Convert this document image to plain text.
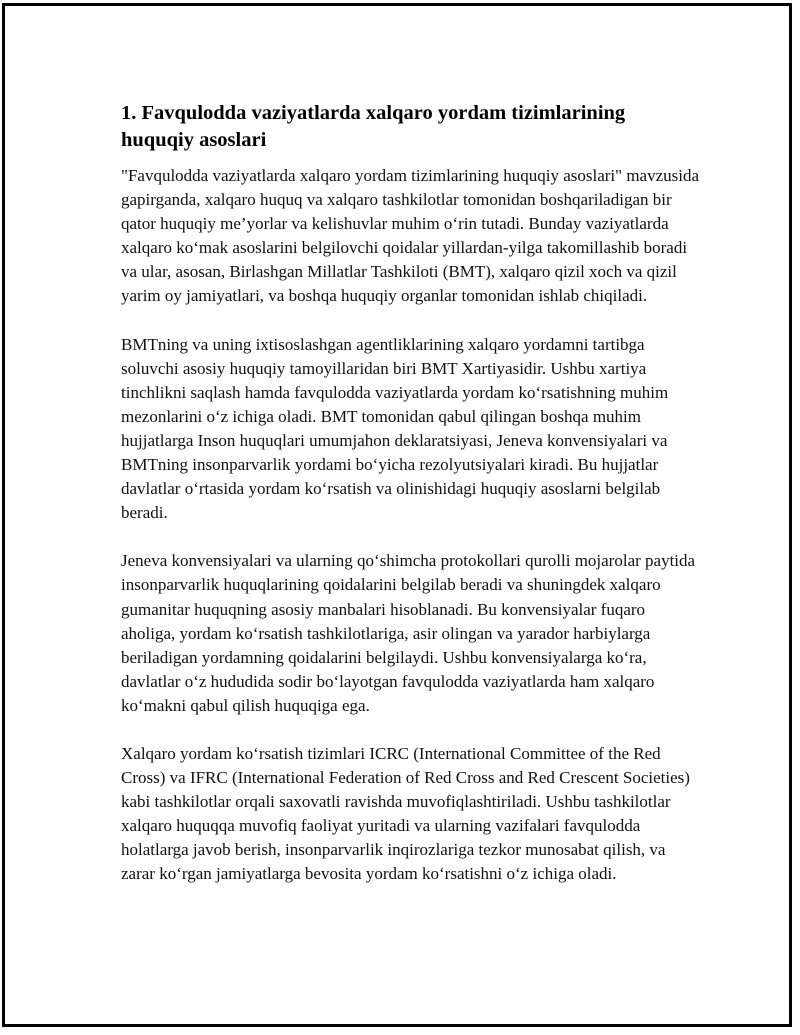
1. Favqulodda vaziyatlarda xalqaro yordam tizimlarining huquqiy asoslari

"Favqulodda vaziyatlarda xalqaro yordam tizimlarining huquqiy asoslari" mavzusida gapirganda, xalqaro huquq va xalqaro tashkilotlar tomonidan boshqariladigan bir qator huquqiy me’yorlar va kelishuvlar muhim o‘rin tutadi. Bunday vaziyatlarda xalqaro ko‘mak asoslarini belgilovchi qoidalar yillardan-yilga takomillashib boradi va ular, asosan, Birlashgan Millatlar Tashkiloti (BMT), xalqaro qizil xoch va qizil yarim oy jamiyatlari, va boshqa huquqiy organlar tomonidan ishlab chiqiladi.

BMTning va uning ixtisoslashgan agentliklarining xalqaro yordamni tartibga soluvchi asosiy huquqiy tamoyillaridan biri BMT Xartiyasidir. Ushbu xartiya tinchlikni saqlash hamda favqulodda vaziyatlarda yordam ko‘rsatishning muhim mezonlarini o‘z ichiga oladi. BMT tomonidan qabul qilingan boshqa muhim hujjatlarga Inson huquqlari umumjahon deklaratsiyasi, Jeneva konvensiyalari va BMTning insonparvarlik yordami bo‘yicha rezolyutsiyalari kiradi. Bu hujjatlar davlatlar o‘rtasida yordam ko‘rsatish va olinishidagi huquqiy asoslarni belgilab beradi.

Jeneva konvensiyalari va ularning qo‘shimcha protokollari qurolli mojarolar paytida insonparvarlik huquqlarining qoidalarini belgilab beradi va shuningdek xalqaro gumanitar huquqning asosiy manbalari hisoblanadi. Bu konvensiyalar fuqaro aholiga, yordam ko‘rsatish tashkilotlariga, asir olingan va yarador harbiylarga beriladigan yordamning qoidalarini belgilaydi. Ushbu konvensiyalarga ko‘ra, davlatlar o‘z hududida sodir bo‘layotgan favqulodda vaziyatlarda ham xalqaro ko‘makni qabul qilish huquqiga ega.

Xalqaro yordam ko‘rsatish tizimlari ICRC (International Committee of the Red Cross) va IFRC (International Federation of Red Cross and Red Crescent Societies) kabi tashkilotlar orqali saxovatli ravishda muvofiqlashtiriladi. Ushbu tashkilotlar xalqaro huquqqa muvofiq faoliyat yuritadi va ularning vazifalari favqulodda holatlarga javob berish, insonparvarlik inqirozlariga tezkor munosabat qilish, va zarar ko‘rgan jamiyatlarga bevosita yordam ko‘rsatishni o‘z ichiga oladi.
